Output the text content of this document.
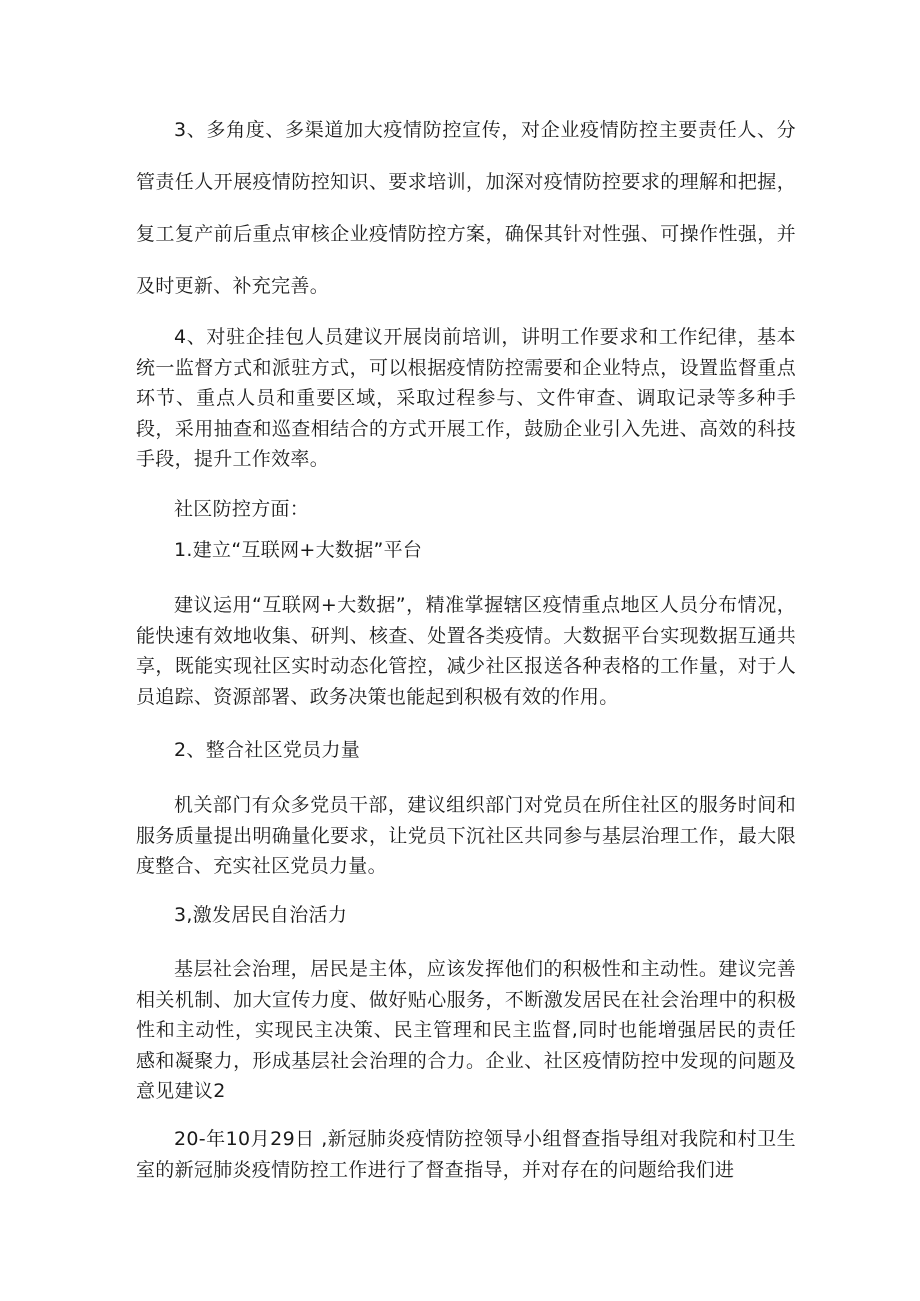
3、多角度、多渠道加大疫情防控宣传，对企业疫情防控主要责任人、分管责任人开展疫情防控知识、要求培训，加深对疫情防控要求的理解和把握，复工复产前后重点审核企业疫情防控方案，确保其针对性强、可操作性强，并及时更新、补充完善。

4、对驻企挂包人员建议开展岗前培训，讲明工作要求和工作纪律，基本统一监督方式和派驻方式，可以根据疫情防控需要和企业特点，设置监督重点环节、重点人员和重要区域，采取过程参与、文件审查、调取记录等多种手段，采用抽查和巡查相结合的方式开展工作，鼓励企业引入先进、高效的科技手段，提升工作效率。

社区防控方面：

1.建立“互联网+大数据”平台

建议运用“互联网+大数据”，精准掌握辖区疫情重点地区人员分布情况，能快速有效地收集、研判、核查、处置各类疫情。大数据平台实现数据互通共享，既能实现社区实时动态化管控，减少社区报送各种表格的工作量，对于人员追踪、资源部署、政务决策也能起到积极有效的作用。

2、整合社区党员力量

机关部门有众多党员干部，建议组织部门对党员在所住社区的服务时间和服务质量提出明确量化要求，让党员下沉社区共同参与基层治理工作，最大限度整合、充实社区党员力量。

3,激发居民自治活力

基层社会治理，居民是主体，应该发挥他们的积极性和主动性。建议完善相关机制、加大宣传力度、做好贴心服务，不断激发居民在社会治理中的积极性和主动性，实现民主决策、民主管理和民主监督,同时也能增强居民的责任感和凝聚力，形成基层社会治理的合力。企业、社区疫情防控中发现的问题及意见建议2

20-年10月29日 ,新冠肺炎疫情防控领导小组督查指导组对我院和村卫生室的新冠肺炎疫情防控工作进行了督查指导，并对存在的问题给我们进
